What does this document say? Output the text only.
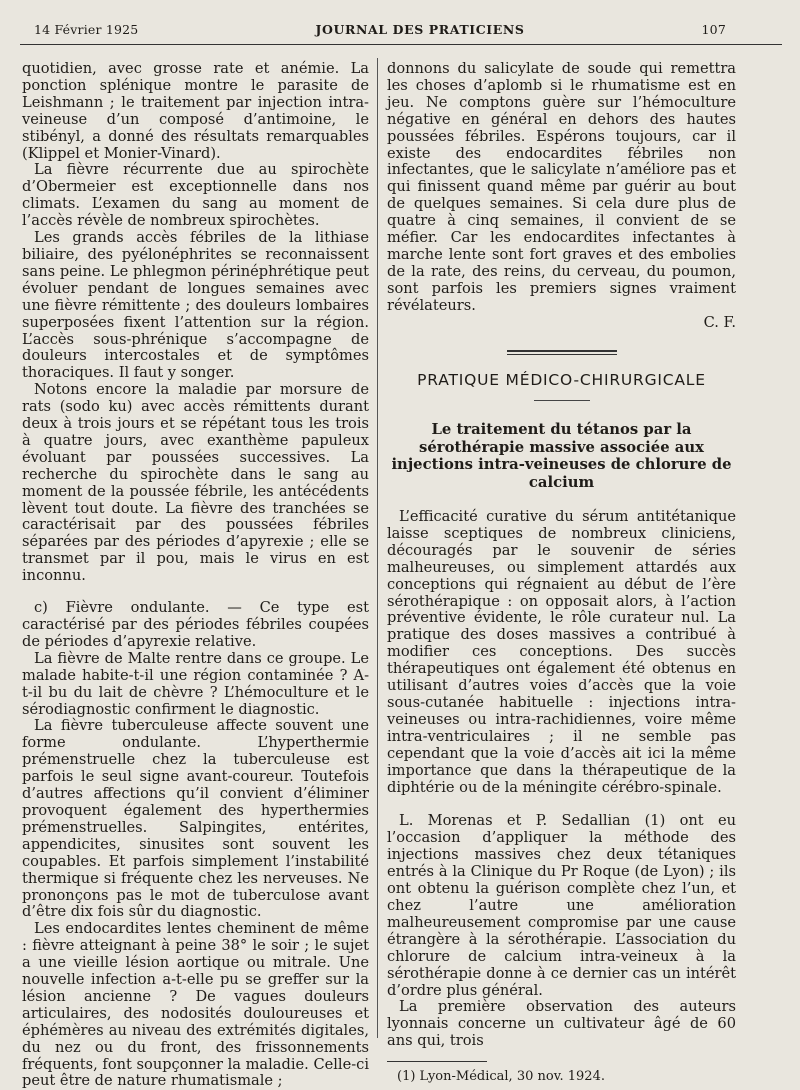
14 Février 1925	JOURNAL DES PRATICIENS	107

quotidien, avec grosse rate et anémie. La ponction splénique montre le parasite de Leishmann ; le traitement par injection intra-veineuse d’un composé d’antimoine, le stibényl, a donné des résultats remarquables (Klippel et Monier-Vinard).

La fièvre récurrente due au spirochète d’Obermeier est exceptionnelle dans nos climats. L’examen du sang au moment de l’accès révèle de nombreux spirochètes.

Les grands accès fébriles de la lithiase biliaire, des pyélonéphrites se reconnaissent sans peine. Le phlegmon périnéphrétique peut évoluer pendant de longues semaines avec une fièvre rémittente ; des douleurs lombaires superposées fixent l’attention sur la région. L’accès sous-phrénique s’accompagne de douleurs intercostales et de symptômes thoraciques. Il faut y songer.

Notons encore la maladie par morsure de rats (sodo ku) avec accès rémittents durant deux à trois jours et se répétant tous les trois à quatre jours, avec exanthème papuleux évoluant par poussées successives. La recherche du spirochète dans le sang au moment de la poussée fébrile, les antécédents lèvent tout doute. La fièvre des tranchées se caractérisait par des poussées fébriles séparées par des périodes d’apyrexie ; elle se transmet par il pou, mais le virus en est inconnu.

c) Fièvre ondulante. — Ce type est caractérisé par des périodes fébriles coupées de périodes d’apyrexie relative.

La fièvre de Malte rentre dans ce groupe. Le malade habite-t-il une région contaminée ? A-t-il bu du lait de chèvre ? L’hémoculture et le sérodiagnostic confirment le diagnostic.

La fièvre tuberculeuse affecte souvent une forme ondulante. L’hyperthermie prémenstruelle chez la tuberculeuse est parfois le seul signe avant-coureur. Toutefois d’autres affections qu’il convient d’éliminer provoquent également des hyperthermies prémenstruelles. Salpingites, entérites, appendicites, sinusites sont souvent les coupables. Et parfois simplement l’instabilité thermique si fréquente chez les nerveuses. Ne prononçons pas le mot de tuberculose avant d’être dix fois sûr du diagnostic.

Les endocardites lentes cheminent de même : fièvre atteignant à peine 38° le soir ; le sujet a une vieille lésion aortique ou mitrale. Une nouvelle infection a-t-elle pu se greffer sur la lésion ancienne ? De vagues douleurs articulaires, des nodosités douloureuses et éphémères au niveau des extrémités digitales, du nez ou du front, des frissonnements fréquents, font soupçonner la maladie. Celle-ci peut être de nature rhumatismale ;

donnons du salicylate de soude qui remettra les choses d’aplomb si le rhumatisme est en jeu. Ne comptons guère sur l’hémoculture négative en général en dehors des hautes poussées fébriles. Espérons toujours, car il existe des endocardites fébriles non infectantes, que le salicylate n’améliore pas et qui finissent quand même par guérir au bout de quelques semaines. Si cela dure plus de quatre à cinq semaines, il convient de se méfier. Car les endocardites infectantes à marche lente sont fort graves et des embolies de la rate, des reins, du cerveau, du poumon, sont parfois les premiers signes vraiment révélateurs.

C. F.

PRATIQUE MÉDICO-CHIRURGICALE
Le traitement du tétanos par la sérothérapie massive associée aux injections intra-veineuses de chlorure de calcium

L’efficacité curative du sérum antitétanique laisse sceptiques de nombreux cliniciens, découragés par le souvenir de séries malheureuses, ou simplement attardés aux conceptions qui régnaient au début de l’ère sérothérapique : on opposait alors, à l’action préventive évidente, le rôle curateur nul. La pratique des doses massives a contribué à modifier ces conceptions. Des succès thérapeutiques ont également été obtenus en utilisant d’autres voies d’accès que la voie sous-cutanée habituelle : injections intra-veineuses ou intra-rachidiennes, voire même intra-ventriculaires ; il ne semble pas cependant que la voie d’accès ait ici la même importance que dans la thérapeutique de la diphtérie ou de la méningite cérébro-spinale.

L. Morenas et P. Sedallian (1) ont eu l’occasion d’appliquer la méthode des injections massives chez deux tétaniques entrés à la Clinique du Pr Roque (de Lyon) ; ils ont obtenu la guérison complète chez l’un, et chez l’autre une amélioration malheureusement compromise par une cause étrangère à la sérothérapie. L’association du chlorure de calcium intra-veineux à la sérothérapie donne à ce dernier cas un intérêt d’ordre plus général.

La première observation des auteurs lyonnais concerne un cultivateur âgé de 60 ans qui, trois

(1) Lyon-Médical, 30 nov. 1924.
